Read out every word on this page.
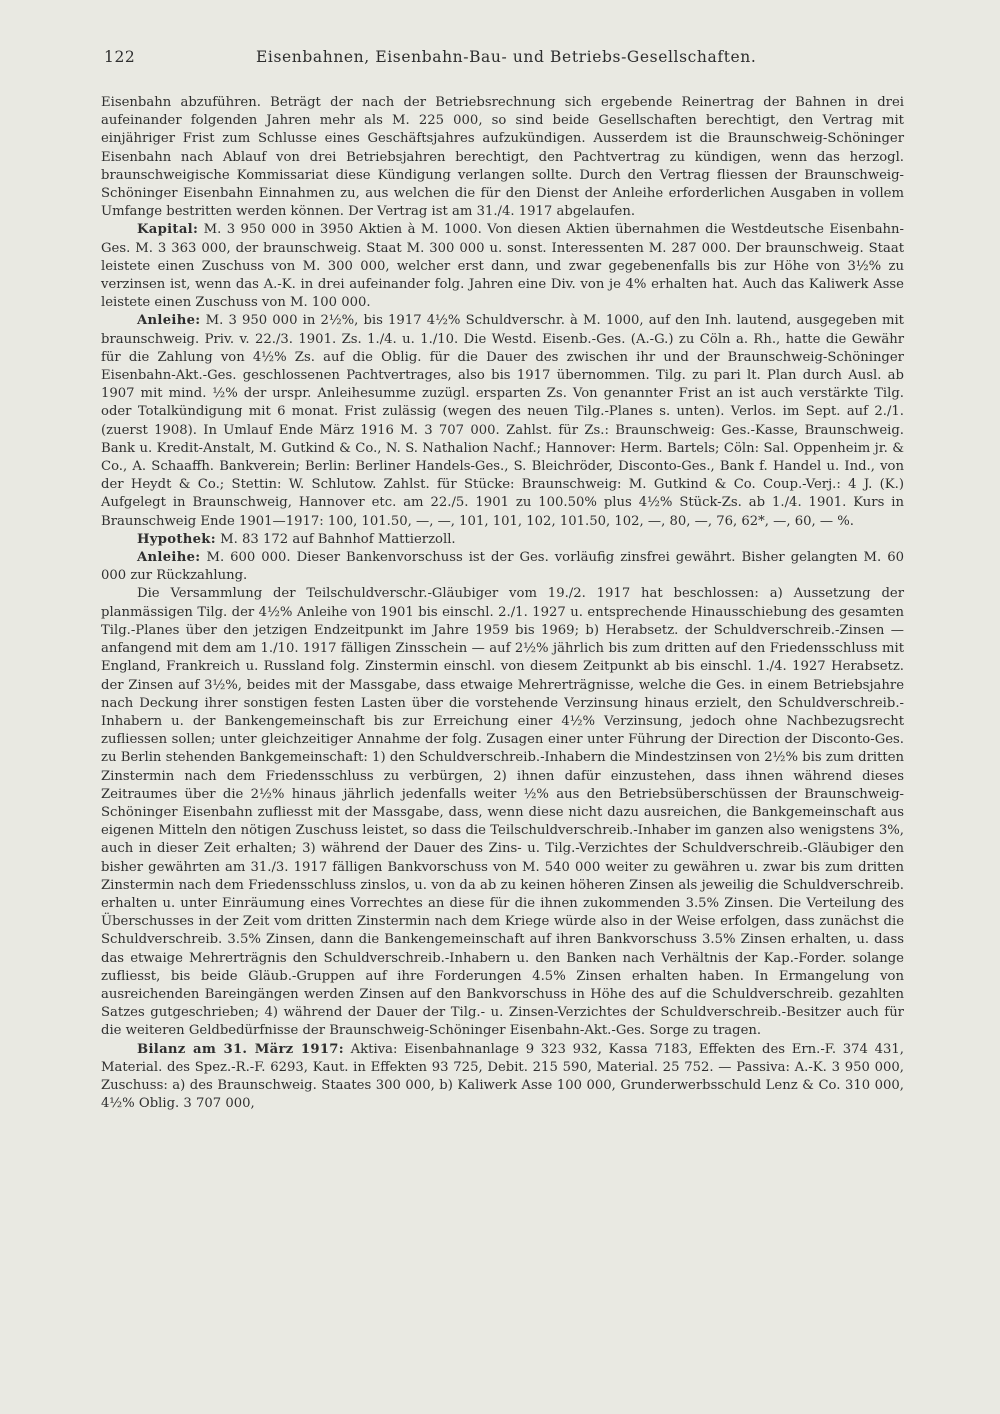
122	Eisenbahnen, Eisenbahn-Bau- und Betriebs-Gesellschaften.

Eisenbahn abzuführen. Beträgt der nach der Betriebsrechnung sich ergebende Reinertrag der Bahnen in drei aufeinander folgenden Jahren mehr als M. 225 000, so sind beide Gesellschaften berechtigt, den Vertrag mit einjähriger Frist zum Schlusse eines Geschäftsjahres aufzukündigen. Ausserdem ist die Braunschweig-Schöninger Eisenbahn nach Ablauf von drei Betriebsjahren berechtigt, den Pachtvertrag zu kündigen, wenn das herzogl. braunschweigische Kommissariat diese Kündigung verlangen sollte. Durch den Vertrag fliessen der Braunschweig-Schöninger Eisenbahn Einnahmen zu, aus welchen die für den Dienst der Anleihe erforderlichen Ausgaben in vollem Umfange bestritten werden können. Der Vertrag ist am 31./4. 1917 abgelaufen.

Kapital: M. 3 950 000 in 3950 Aktien à M. 1000. Von diesen Aktien übernahmen die Westdeutsche Eisenbahn-Ges. M. 3 363 000, der braunschweig. Staat M. 300 000 u. sonst. Interessenten M. 287 000. Der braunschweig. Staat leistete einen Zuschuss von M. 300 000, welcher erst dann, und zwar gegebenenfalls bis zur Höhe von 3½% zu verzinsen ist, wenn das A.-K. in drei aufeinander folg. Jahren eine Div. von je 4% erhalten hat. Auch das Kaliwerk Asse leistete einen Zuschuss von M. 100 000.

Anleihe: M. 3 950 000 in 2½%, bis 1917 4½% Schuldverschr. à M. 1000, auf den Inh. lautend, ausgegeben mit braunschweig. Priv. v. 22./3. 1901. Zs. 1./4. u. 1./10. Die Westd. Eisenb.-Ges. (A.-G.) zu Cöln a. Rh., hatte die Gewähr für die Zahlung von 4½% Zs. auf die Oblig. für die Dauer des zwischen ihr und der Braunschweig-Schöninger Eisenbahn-Akt.-Ges. geschlossenen Pachtvertrages, also bis 1917 übernommen. Tilg. zu pari lt. Plan durch Ausl. ab 1907 mit mind. ½% der urspr. Anleihesumme zuzügl. ersparten Zs. Von genannter Frist an ist auch verstärkte Tilg. oder Totalkündigung mit 6 monat. Frist zulässig (wegen des neuen Tilg.-Planes s. unten). Verlos. im Sept. auf 2./1. (zuerst 1908). In Umlauf Ende März 1916 M. 3 707 000. Zahlst. für Zs.: Braunschweig: Ges.-Kasse, Braunschweig. Bank u. Kredit-Anstalt, M. Gutkind & Co., N. S. Nathalion Nachf.; Hannover: Herm. Bartels; Cöln: Sal. Oppenheim jr. & Co., A. Schaaffh. Bankverein; Berlin: Berliner Handels-Ges., S. Bleichröder, Disconto-Ges., Bank f. Handel u. Ind., von der Heydt & Co.; Stettin: W. Schlutow. Zahlst. für Stücke: Braunschweig: M. Gutkind & Co. Coup.-Verj.: 4 J. (K.) Aufgelegt in Braunschweig, Hannover etc. am 22./5. 1901 zu 100.50% plus 4½% Stück-Zs. ab 1./4. 1901. Kurs in Braunschweig Ende 1901—1917: 100, 101.50, —, —, 101, 101, 102, 101.50, 102, —, 80, —, 76, 62*, —, 60, — %.

Hypothek: M. 83 172 auf Bahnhof Mattierzoll.

Anleihe: M. 600 000. Dieser Bankenvorschuss ist der Ges. vorläufig zinsfrei gewährt. Bisher gelangten M. 60 000 zur Rückzahlung.

Die Versammlung der Teilschuldverschr.-Gläubiger vom 19./2. 1917 hat beschlossen: a) Aussetzung der planmässigen Tilg. der 4½% Anleihe von 1901 bis einschl. 2./1. 1927 u. entsprechende Hinausschiebung des gesamten Tilg.-Planes über den jetzigen Endzeitpunkt im Jahre 1959 bis 1969; b) Herabsetz. der Schuldverschreib.-Zinsen — anfangend mit dem am 1./10. 1917 fälligen Zinsschein — auf 2½% jährlich bis zum dritten auf den Friedensschluss mit England, Frankreich u. Russland folg. Zinstermin einschl. von diesem Zeitpunkt ab bis einschl. 1./4. 1927 Herabsetz. der Zinsen auf 3½%, beides mit der Massgabe, dass etwaige Mehrerträgnisse, welche die Ges. in einem Betriebsjahre nach Deckung ihrer sonstigen festen Lasten über die vorstehende Verzinsung hinaus erzielt, den Schuldverschreib.-Inhabern u. der Bankengemeinschaft bis zur Erreichung einer 4½% Verzinsung, jedoch ohne Nachbezugsrecht zufliessen sollen; unter gleichzeitiger Annahme der folg. Zusagen einer unter Führung der Direction der Disconto-Ges. zu Berlin stehenden Bankgemeinschaft: 1) den Schuldverschreib.-Inhabern die Mindestzinsen von 2½% bis zum dritten Zinstermin nach dem Friedensschluss zu verbürgen, 2) ihnen dafür einzustehen, dass ihnen während dieses Zeitraumes über die 2½% hinaus jährlich jedenfalls weiter ½% aus den Betriebsüberschüssen der Braunschweig-Schöninger Eisenbahn zufliesst mit der Massgabe, dass, wenn diese nicht dazu ausreichen, die Bankgemeinschaft aus eigenen Mitteln den nötigen Zuschuss leistet, so dass die Teilschuldverschreib.-Inhaber im ganzen also wenigstens 3%, auch in dieser Zeit erhalten; 3) während der Dauer des Zins- u. Tilg.-Verzichtes der Schuldverschreib.-Gläubiger den bisher gewährten am 31./3. 1917 fälligen Bankvorschuss von M. 540 000 weiter zu gewähren u. zwar bis zum dritten Zinstermin nach dem Friedensschluss zinslos, u. von da ab zu keinen höheren Zinsen als jeweilig die Schuldverschreib. erhalten u. unter Einräumung eines Vorrechtes an diese für die ihnen zukommenden 3.5% Zinsen. Die Verteilung des Überschusses in der Zeit vom dritten Zinstermin nach dem Kriege würde also in der Weise erfolgen, dass zunächst die Schuldverschreib. 3.5% Zinsen, dann die Bankengemeinschaft auf ihren Bankvorschuss 3.5% Zinsen erhalten, u. dass das etwaige Mehrerträgnis den Schuldverschreib.-Inhabern u. den Banken nach Verhältnis der Kap.-Forder. solange zufliesst, bis beide Gläub.-Gruppen auf ihre Forderungen 4.5% Zinsen erhalten haben. In Ermangelung von ausreichenden Bareingängen werden Zinsen auf den Bankvorschuss in Höhe des auf die Schuldverschreib. gezahlten Satzes gutgeschrieben; 4) während der Dauer der Tilg.- u. Zinsen-Verzichtes der Schuldverschreib.-Besitzer auch für die weiteren Geldbedürfnisse der Braunschweig-Schöninger Eisenbahn-Akt.-Ges. Sorge zu tragen.

Bilanz am 31. März 1917: Aktiva: Eisenbahnanlage 9 323 932, Kassa 7183, Effekten des Ern.-F. 374 431, Material. des Spez.-R.-F. 6293, Kaut. in Effekten 93 725, Debit. 215 590, Material. 25 752. — Passiva: A.-K. 3 950 000, Zuschuss: a) des Braunschweig. Staates 300 000, b) Kaliwerk Asse 100 000, Grunderwerbsschuld Lenz & Co. 310 000, 4½% Oblig. 3 707 000,
